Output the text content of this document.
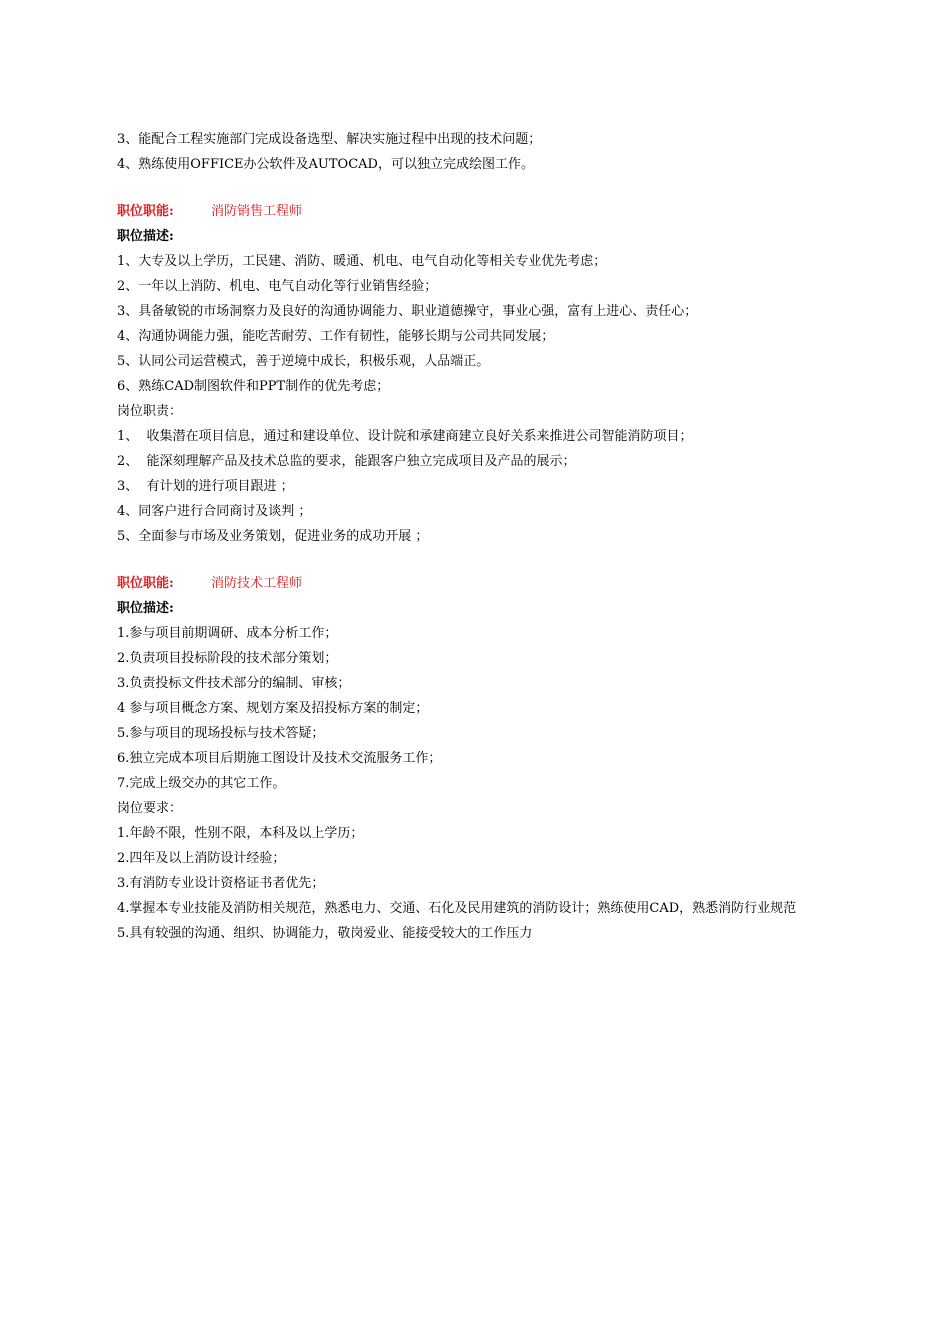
3、能配合工程实施部门完成设备选型、解决实施过程中出现的技术问题；

4、熟练使用OFFICE办公软件及AUTOCAD，可以独立完成绘图工作。

职位职能:	消防销售工程师

职位描述:

1、大专及以上学历，工民建、消防、暖通、机电、电气自动化等相关专业优先考虑；

2、一年以上消防、机电、电气自动化等行业销售经验；

3、具备敏锐的市场洞察力及良好的沟通协调能力、职业道德操守，事业心强，富有上进心、责任心；

4、沟通协调能力强，能吃苦耐劳、工作有韧性，能够长期与公司共同发展；

5、认同公司运营模式，善于逆境中成长，积极乐观，人品端正。

6、熟练CAD制图软件和PPT制作的优先考虑；

岗位职责：

1、  收集潜在项目信息，通过和建设单位、设计院和承建商建立良好关系来推进公司智能消防项目；

2、  能深刻理解产品及技术总监的要求，能跟客户独立完成项目及产品的展示；

3、  有计划的进行项目跟进 ；

4、同客户进行合同商讨及谈判 ；

5、全面参与市场及业务策划，促进业务的成功开展 ；

职位职能:	消防技术工程师

职位描述:

1.参与项目前期调研、成本分析工作；

2.负责项目投标阶段的技术部分策划；

3.负责投标文件技术部分的编制、审核；

4 参与项目概念方案、规划方案及招投标方案的制定；

5.参与项目的现场投标与技术答疑；

6.独立完成本项目后期施工图设计及技术交流服务工作；

7.完成上级交办的其它工作。

岗位要求：

1.年龄不限，性别不限，本科及以上学历；

2.四年及以上消防设计经验；

3.有消防专业设计资格证书者优先；

4.掌握本专业技能及消防相关规范，熟悉电力、交通、石化及民用建筑的消防设计；熟练使用CAD，熟悉消防行业规范

5.具有较强的沟通、组织、协调能力，敬岗爱业、能接受较大的工作压力
